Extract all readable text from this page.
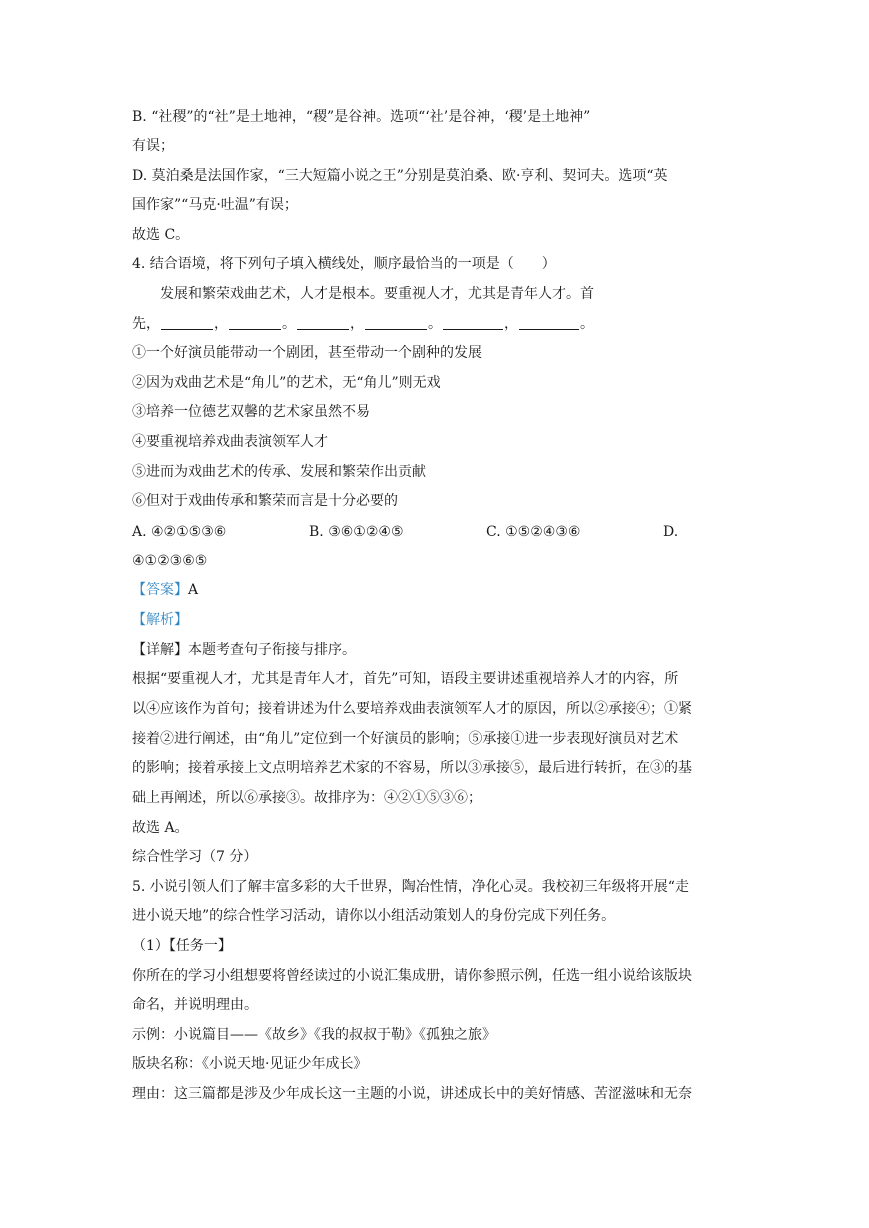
B. “社稷”的“社”是土地神，“稷”是谷神。选项“‘社’是谷神，‘稷’是土地神”
有误；
D. 莫泊桑是法国作家，“三大短篇小说之王”分别是莫泊桑、欧·亨利、契诃夫。选项“英
国作家”“马克·吐温”有误；
故选 C。
4. 结合语境，将下列句子填入横线处，顺序最恰当的一项是（　　）
发展和繁荣戏曲艺术，人才是根本。要重视人才，尤其是青年人才。首
先，	，	。	，	。	，	。
①一个好演员能带动一个剧团，甚至带动一个剧种的发展
②因为戏曲艺术是“角儿”的艺术，无“角儿”则无戏
③培养一位德艺双馨的艺术家虽然不易
④要重视培养戏曲表演领军人才
⑤进而为戏曲艺术的传承、发展和繁荣作出贡献
⑥但对于戏曲传承和繁荣而言是十分必要的
A. ④②①⑤③⑥	B. ③⑥①②④⑤	C. ①⑤②④③⑥	D.
④①②③⑥⑤
【答案】A
【解析】
【详解】本题考查句子衔接与排序。
根据“要重视人才，尤其是青年人才，首先”可知，语段主要讲述重视培养人才的内容，所
以④应该作为首句；接着讲述为什么要培养戏曲表演领军人才的原因，所以②承接④；①紧
接着②进行阐述，由“角儿”定位到一个好演员的影响；⑤承接①进一步表现好演员对艺术
的影响；接着承接上文点明培养艺术家的不容易，所以③承接⑤，最后进行转折，在③的基
础上再阐述，所以⑥承接③。故排序为：④②①⑤③⑥；
故选 A。
综合性学习（7 分）
5. 小说引领人们了解丰富多彩的大千世界，陶冶性情，净化心灵。我校初三年级将开展“走
进小说天地”的综合性学习活动，请你以小组活动策划人的身份完成下列任务。
（1）【任务一】
你所在的学习小组想要将曾经读过的小说汇集成册，请你参照示例，任选一组小说给该版块
命名，并说明理由。
示例：小说篇目——《故乡》《我的叔叔于勒》《孤独之旅》
版块名称：《小说天地·见证少年成长》
理由：这三篇都是涉及少年成长这一主题的小说，讲述成长中的美好情感、苦涩滋味和无奈
